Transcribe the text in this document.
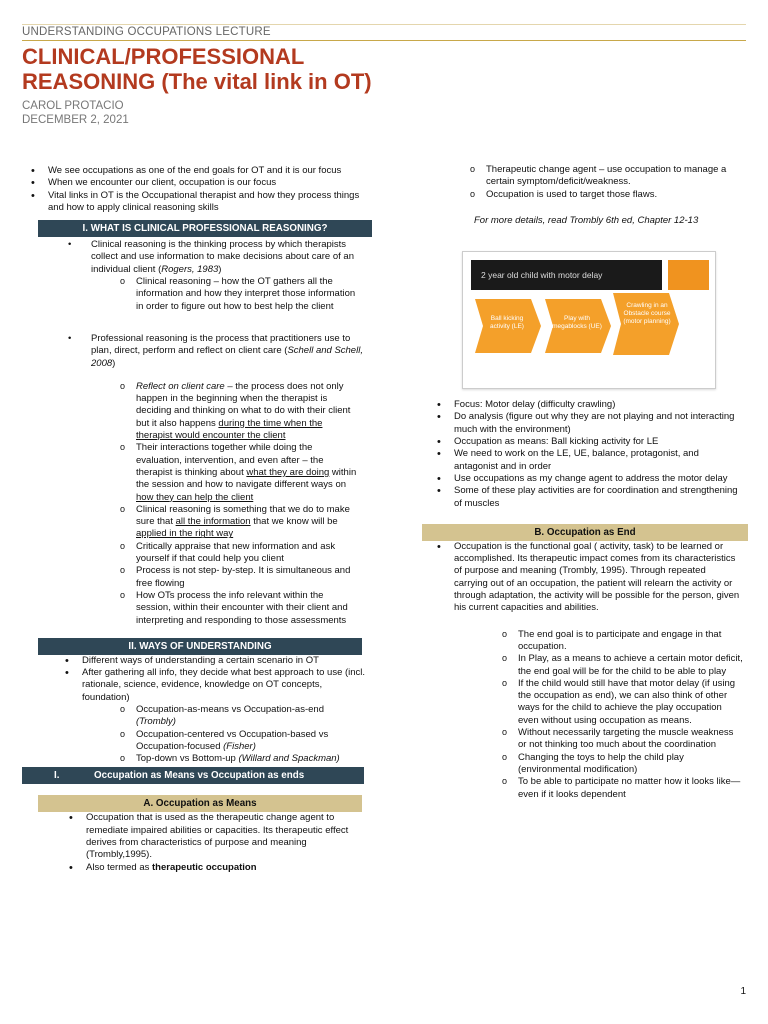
UNDERSTANDING OCCUPATIONS LECTURE
CLINICAL/PROFESSIONAL
REASONING (The vital link in OT)
CAROL PROTACIO
DECEMBER 2, 2021
• We see occupations as one of the end goals for OT and it is our focus
• When we encounter our client, occupation is our focus
• Vital links in OT is the Occupational therapist and how they process things and how to apply clinical reasoning skills
I. WHAT IS CLINICAL PROFESSIONAL REASONING?
•	Clinical reasoning is the thinking process by which therapists collect and use information to make decisions about care of an individual client (Rogers, 1983)
o Clinical reasoning – how the OT gathers all the information and how they interpret those information in order to figure out how to best help the client
•	Professional reasoning is the process that practitioners use to plan, direct, perform and reflect on client care (Schell and Schell, 2008)
o Reflect on client care – the process does not only happen in the beginning when the therapist is deciding and thinking on what to do with their client but it also happens during the time when the therapist would encounter the client
o Their interactions together while doing the evaluation, intervention, and even after – the therapist is thinking about what they are doing within the session and how to navigate different ways on how they can help the client
o Clinical reasoning is something that we do to make sure that all the information that we know will be applied in the right way
o Critically appraise that new information and ask yourself if that could help you client
o Process is not step- by-step. It is simultaneous and free flowing
o How OTs process the info relevant within the session, within their encounter with their client and interpreting and responding to those assessments
II. WAYS OF UNDERSTANDING
• Different ways of understanding a certain scenario in OT
• After gathering all info, they decide what best approach to use (incl. rationale, science, evidence, knowledge on OT concepts, foundation)
o Occupation-as-means vs Occupation-as-end
(Trombly)
o Occupation-centered vs Occupation-based vs Occupation-focused (Fisher)
o Top-down vs Bottom-up (Willard and Spackman)
I.	Occupation as Means vs Occupation as ends
A. Occupation as Means
• Occupation that is used as the therapeutic change agent to remediate impaired abilities or capacities. Its therapeutic effect derives from characteristics of purpose and meaning (Trombly,1995).
• Also termed as therapeutic occupation
o Therapeutic change agent – use occupation to manage a certain symptom/deficit/weakness.
o Occupation is used to target those flaws.
For more details, read Trombly 6th ed, Chapter 12-13
2 year old child with motor delay
Ball kicking activity (LE)
Play with megablocks (UE)
Crawling in an Obstacle course (motor planning)
• Focus: Motor delay (difficulty crawling)
• Do analysis (figure out why they are not playing and not interacting much with the environment)
• Occupation as means: Ball kicking activity for LE
• We need to work on the LE, UE, balance, protagonist, and antagonist and in order
• Use occupations as my change agent to address the motor delay
• Some of these play activities are for coordination and strengthening of muscles
B. Occupation as End
• Occupation is the functional goal ( activity, task) to be learned or accomplished. Its therapeutic impact comes from its characteristics of purpose and meaning (Trombly, 1995). Through repeated carrying out of an occupation, the patient will relearn the activity or through adaptation, the activity will be possible for the person, given his current capacities and abilities.
o The end goal is to participate and engage in that occupation.
o In Play, as a means to achieve a certain motor deficit, the end goal will be for the child to be able to play
o If the child would still have that motor delay (if using the occupation as end), we can also think of other ways for the child to achieve the play occupation even without using occupation as means.
o Without necessarily targeting the muscle weakness or not thinking too much about the coordination
o Changing the toys to help the child play (environmental modification)
o To be able to participate no matter how it looks like—even if it looks dependent
1
